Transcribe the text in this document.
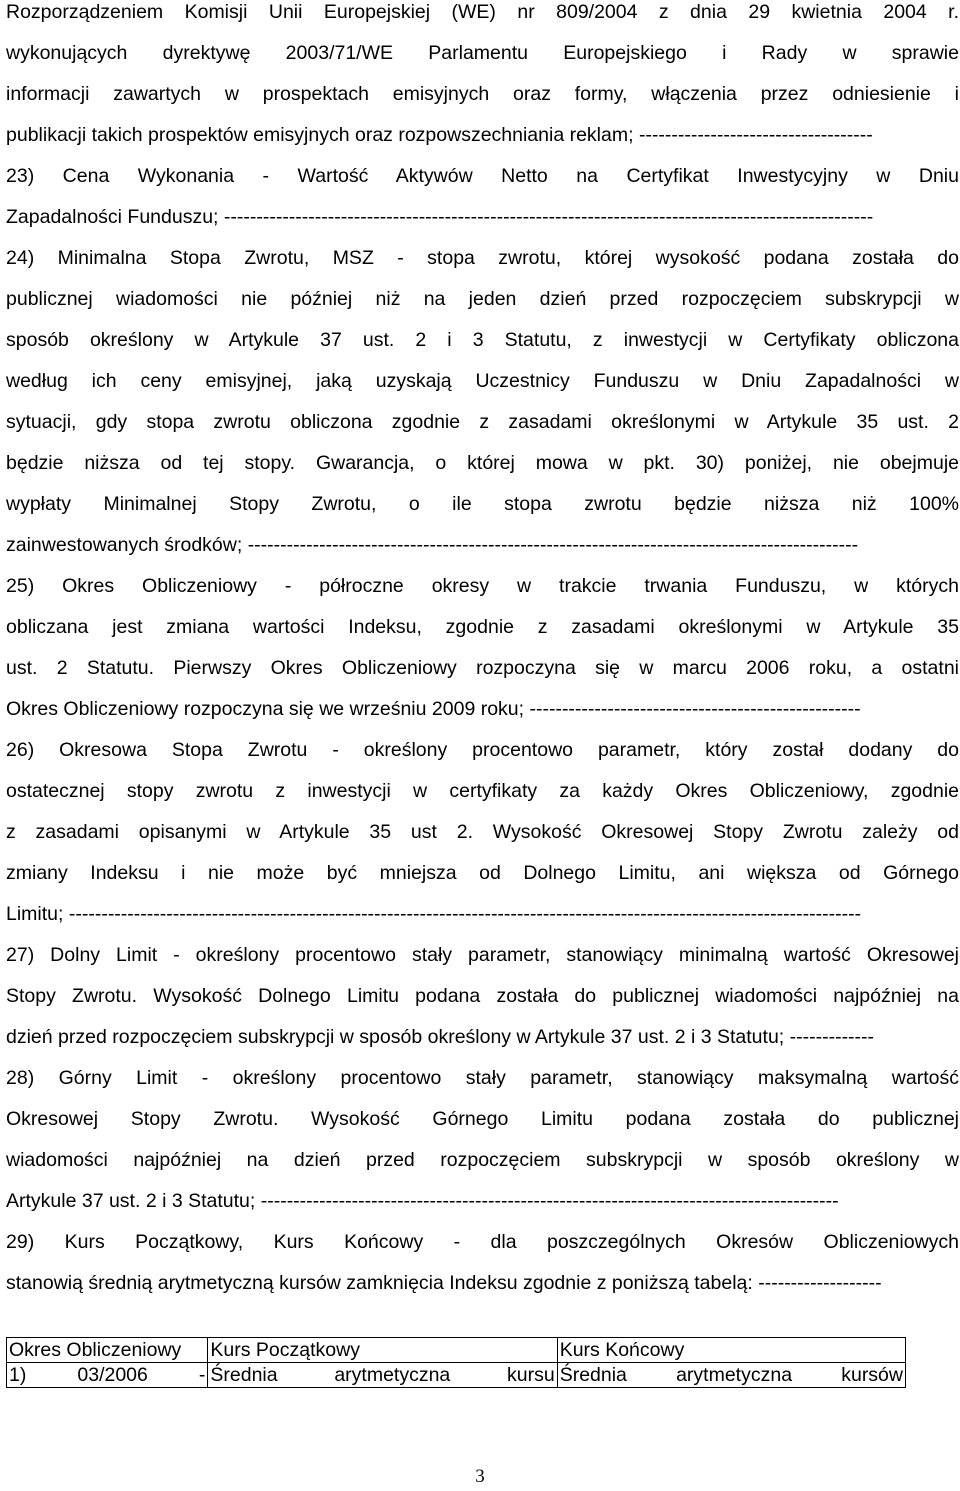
Rozporządzeniem Komisji Unii Europejskiej (WE) nr 809/2004 z dnia 29 kwietnia 2004 r.
wykonujących dyrektywę 2003/71/WE Parlamentu Europejskiego i Rady w sprawie
informacji zawartych w prospektach emisyjnych oraz formy, włączenia przez odniesienie i
publikacji takich prospektów emisyjnych oraz rozpowszechniania reklam; ------------------------------------
23) Cena Wykonania - Wartość Aktywów Netto na Certyfikat Inwestycyjny w Dniu
Zapadalności Funduszu; ----------------------------------------------------------------------------------------------------
24) Minimalna Stopa Zwrotu, MSZ - stopa zwrotu, której wysokość podana została do
publicznej wiadomości nie później niż na jeden dzień przed rozpoczęciem subskrypcji w
sposób określony w Artykule 37 ust. 2 i 3 Statutu, z inwestycji w Certyfikaty obliczona
według ich ceny emisyjnej, jaką uzyskają Uczestnicy Funduszu w Dniu Zapadalności w
sytuacji, gdy stopa zwrotu obliczona zgodnie z zasadami określonymi w Artykule 35 ust. 2
będzie niższa od tej stopy. Gwarancja, o której mowa w pkt. 30) poniżej, nie obejmuje
wypłaty Minimalnej Stopy Zwrotu, o ile stopa zwrotu będzie niższa niż 100%
zainwestowanych środków; ----------------------------------------------------------------------------------------------
25) Okres Obliczeniowy - półroczne okresy w trakcie trwania Funduszu, w których
obliczana jest zmiana wartości Indeksu, zgodnie z zasadami określonymi w Artykule 35
ust. 2 Statutu. Pierwszy Okres Obliczeniowy rozpoczyna się w marcu 2006 roku, a ostatni
Okres Obliczeniowy rozpoczyna się we wrześniu 2009 roku; ---------------------------------------------------
26) Okresowa Stopa Zwrotu - określony procentowo parametr, który został dodany do
ostatecznej stopy zwrotu z inwestycji w certyfikaty za każdy Okres Obliczeniowy, zgodnie
z zasadami opisanymi w Artykule 35 ust 2. Wysokość Okresowej Stopy Zwrotu zależy od
zmiany Indeksu i nie może być mniejsza od Dolnego Limitu, ani większa od Górnego
Limitu; --------------------------------------------------------------------------------------------------------------------------
27) Dolny Limit - określony procentowo stały parametr, stanowiący minimalną wartość Okresowej
Stopy Zwrotu. Wysokość Dolnego Limitu podana została do publicznej wiadomości najpóźniej na
dzień przed rozpoczęciem subskrypcji w sposób określony w Artykule 37 ust. 2 i 3 Statutu; -------------
28) Górny Limit - określony procentowo stały parametr, stanowiący maksymalną wartość
Okresowej Stopy Zwrotu. Wysokość Górnego Limitu podana została do publicznej
wiadomości najpóźniej na dzień przed rozpoczęciem subskrypcji w sposób określony w
Artykule 37 ust. 2 i 3 Statutu; -----------------------------------------------------------------------------------------
29) Kurs Początkowy, Kurs Końcowy - dla poszczególnych Okresów Obliczeniowych
stanowią średnią arytmetyczną kursów zamknięcia Indeksu zgodnie z poniższą tabelą: -------------------
Okres Obliczeniowy	Kurs Początkowy	Kurs Końcowy
1) 03/2006 -	Średnia arytmetyczna kursu	Średnia arytmetyczna kursów
3
